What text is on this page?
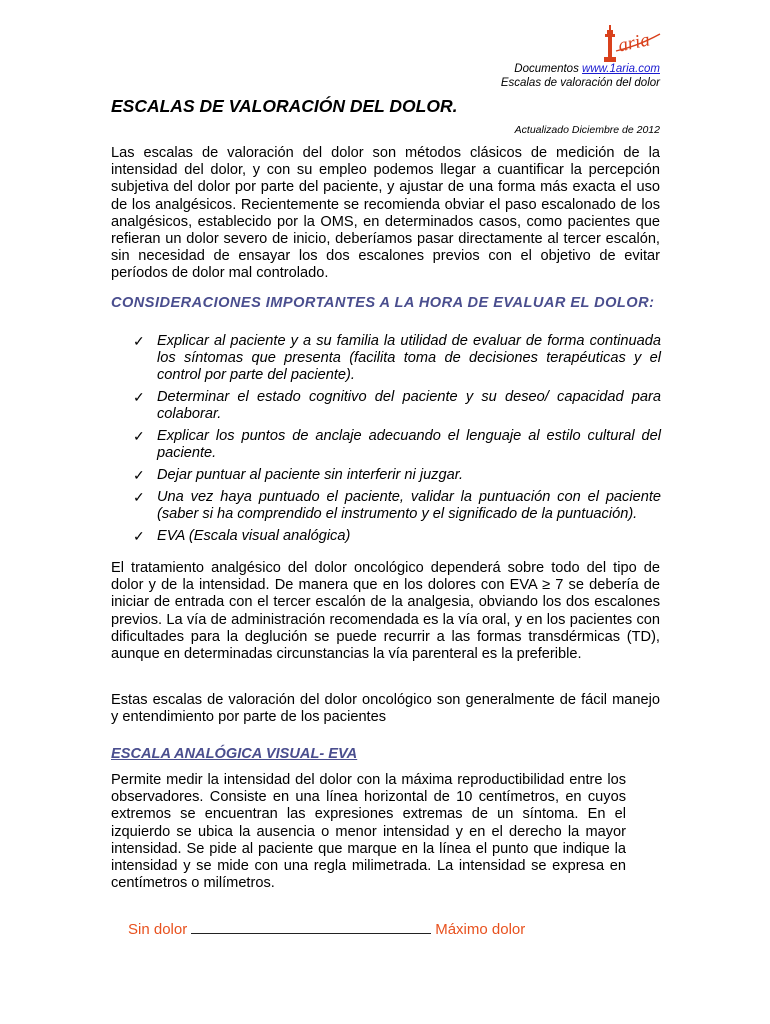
aria
Documentos www.1aria.com
Escalas de valoración del dolor
ESCALAS DE VALORACIÓN DEL DOLOR.
Actualizado Diciembre de 2012

Las escalas de valoración del dolor son métodos clásicos de medición de la intensidad del dolor, y con su empleo podemos llegar a cuantificar la percepción subjetiva del dolor por parte del paciente, y ajustar de una forma más exacta el uso de los analgésicos. Recientemente se recomienda obviar el paso escalonado de los analgésicos, establecido por la OMS, en determinados casos, como pacientes que refieran un dolor severo de inicio, deberíamos pasar directamente al tercer escalón, sin necesidad de ensayar los dos escalones previos con el objetivo de evitar períodos de dolor mal controlado.

CONSIDERACIONES IMPORTANTES A LA HORA DE EVALUAR EL DOLOR:

✓ Explicar al paciente y a su familia la utilidad de evaluar de forma continuada los síntomas que presenta (facilita toma de decisiones terapéuticas y el control por parte del paciente).
✓ Determinar el estado cognitivo del paciente y su deseo/ capacidad para colaborar.
✓ Explicar los puntos de anclaje adecuando el lenguaje al estilo cultural del paciente.
✓ Dejar puntuar al paciente sin interferir ni juzgar.
✓ Una vez haya puntuado el paciente, validar la puntuación con el paciente (saber si ha comprendido el instrumento y el significado de la puntuación).
✓ EVA (Escala visual analógica)

El tratamiento analgésico del dolor oncológico dependerá sobre todo del tipo de dolor y de la intensidad. De manera que en los dolores con EVA ≥ 7 se debería de iniciar de entrada con el tercer escalón de la analgesia, obviando los dos escalones previos. La vía de administración recomendada es la vía oral, y en los pacientes con dificultades para la deglución se puede recurrir a las formas transdérmicas (TD), aunque en determinadas circunstancias la vía parenteral es la preferible.

Estas escalas de valoración del dolor oncológico son generalmente de fácil manejo y entendimiento por parte de los pacientes

ESCALA ANALÓGICA VISUAL- EVA

Permite medir la intensidad del dolor con la máxima reproductibilidad entre los observadores. Consiste en una línea horizontal de 10 centímetros, en cuyos extremos se encuentran las expresiones extremas de un síntoma. En el izquierdo se ubica la ausencia o menor intensidad y en el derecho la mayor intensidad. Se pide al paciente que marque en la línea el punto que indique la intensidad y se mide con una regla milimetrada. La intensidad se expresa en centímetros o milímetros.

Sin dolor	Máximo dolor
